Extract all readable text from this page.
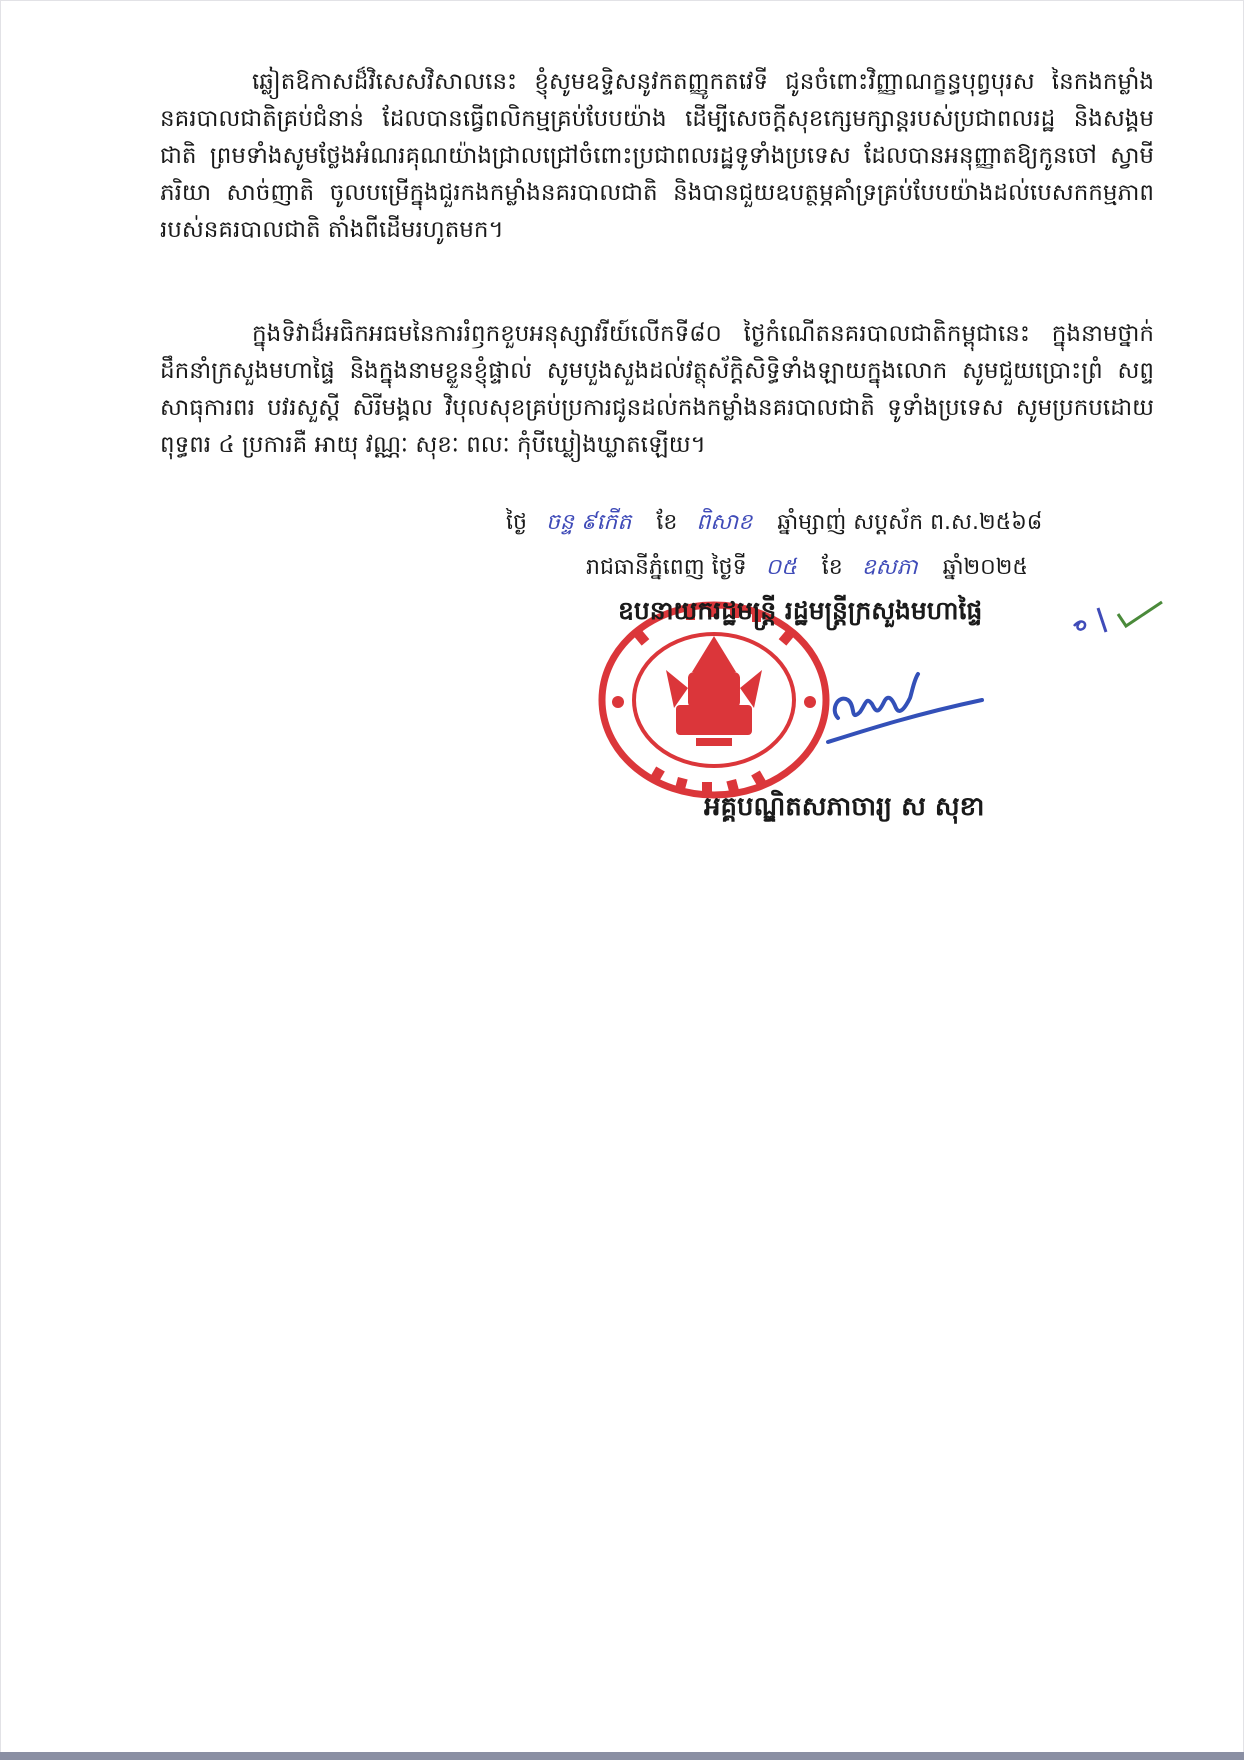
ឆ្លៀតឱកាសដ៏វិសេសវិសាលនេះ ខ្ញុំសូមឧទ្ទិសនូវកតញ្ញូកតវេទី ជូនចំពោះវិញ្ញាណក្ខន្ធបុព្វបុរស នៃកងកម្លាំងនគរបាលជាតិគ្រប់ជំនាន់ ដែលបានធ្វើពលិកម្មគ្រប់បែបយ៉ាង ដើម្បីសេចក្ដីសុខក្សេមក្សាន្តរបស់ប្រជាពលរដ្ឋ និងសង្គមជាតិ ព្រមទាំងសូមថ្លែងអំណរគុណយ៉ាងជ្រាលជ្រៅចំពោះប្រជាពលរដ្ឋទូទាំងប្រទេស ដែលបានអនុញ្ញាតឱ្យកូនចៅ ស្វាមី ភរិយា សាច់ញាតិ ចូលបម្រើក្នុងជួរកងកម្លាំងនគរបាលជាតិ និងបានជួយឧបត្ថម្ភគាំទ្រគ្រប់បែបយ៉ាងដល់បេសកកម្មភាពរបស់នគរបាលជាតិ តាំងពីដើមរហូតមក។

ក្នុងទិវាដ៏អធិកអធមនៃការរំឭកខួបអនុស្សាវរីយ៍លើកទី៨០ ថ្ងៃកំណើតនគរបាលជាតិកម្ពុជានេះ ក្នុងនាមថ្នាក់ដឹកនាំក្រសួងមហាផ្ទៃ និងក្នុងនាមខ្លួនខ្ញុំផ្ទាល់ សូមបួងសួងដល់វត្ថុស័ក្តិសិទ្ធិទាំងឡាយក្នុងលោក សូមជួយប្រោះព្រំ សព្ទសាធុការពរ បវរសួស្តី សិរីមង្គល វិបុលសុខគ្រប់ប្រការជូនដល់កងកម្លាំងនគរបាលជាតិ ទូទាំងប្រទេស សូមប្រកបដោយពុទ្ធពរ ៤ ប្រការគឺ អាយុ វណ្ណៈ សុខៈ ពលៈ កុំបីឃ្លៀងឃ្លាតឡើយ។

ថ្ងៃ ចន្ទ ៩កើត ខែ ពិសាខ ឆ្នាំម្សាញ់ សប្តស័ក ព.ស.២៥៦៨
រាជធានីភ្នំពេញ ថ្ងៃទី ០៥ ខែ ឧសភា ឆ្នាំ២០២៥
ឧបនាយករដ្ឋមន្ត្រី រដ្ឋមន្ត្រីក្រសួងមហាផ្ទៃ
អគ្គបណ្ឌិតសភាចារ្យ ស សុខា
